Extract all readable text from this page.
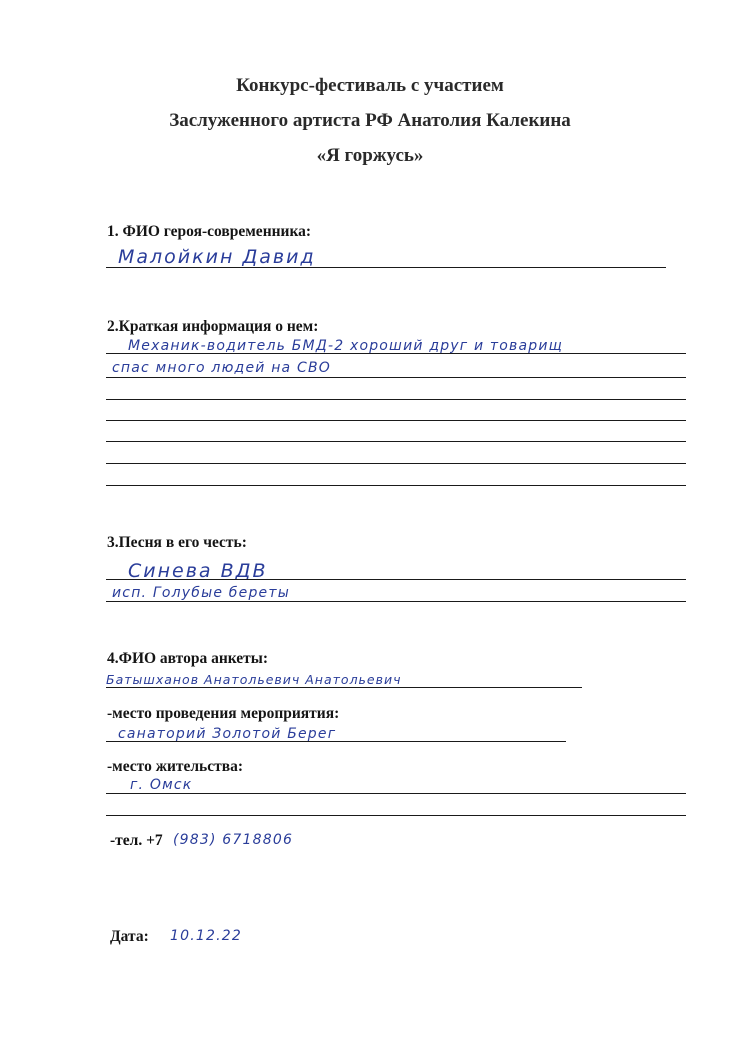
Конкурс-фестиваль с участием
Заслуженного артиста РФ Анатолия Калекина
«Я горжусь»
1. ФИО героя-современника:
Малойкин Давид
2.Краткая информация о нем:
Механик-водитель БМД-2 хороший друг и товарищ
спас много людей на СВО
3.Песня в его честь:
Синева ВДВ
исп. Голубые береты
4.ФИО автора анкеты:
Батышханов Анатольевич Анатольевич
-место проведения мероприятия:
санаторий Золотой Берег
-место жительства:
г. Омск
-тел. +7 (983) 6718806
Дата: 10.12.22
